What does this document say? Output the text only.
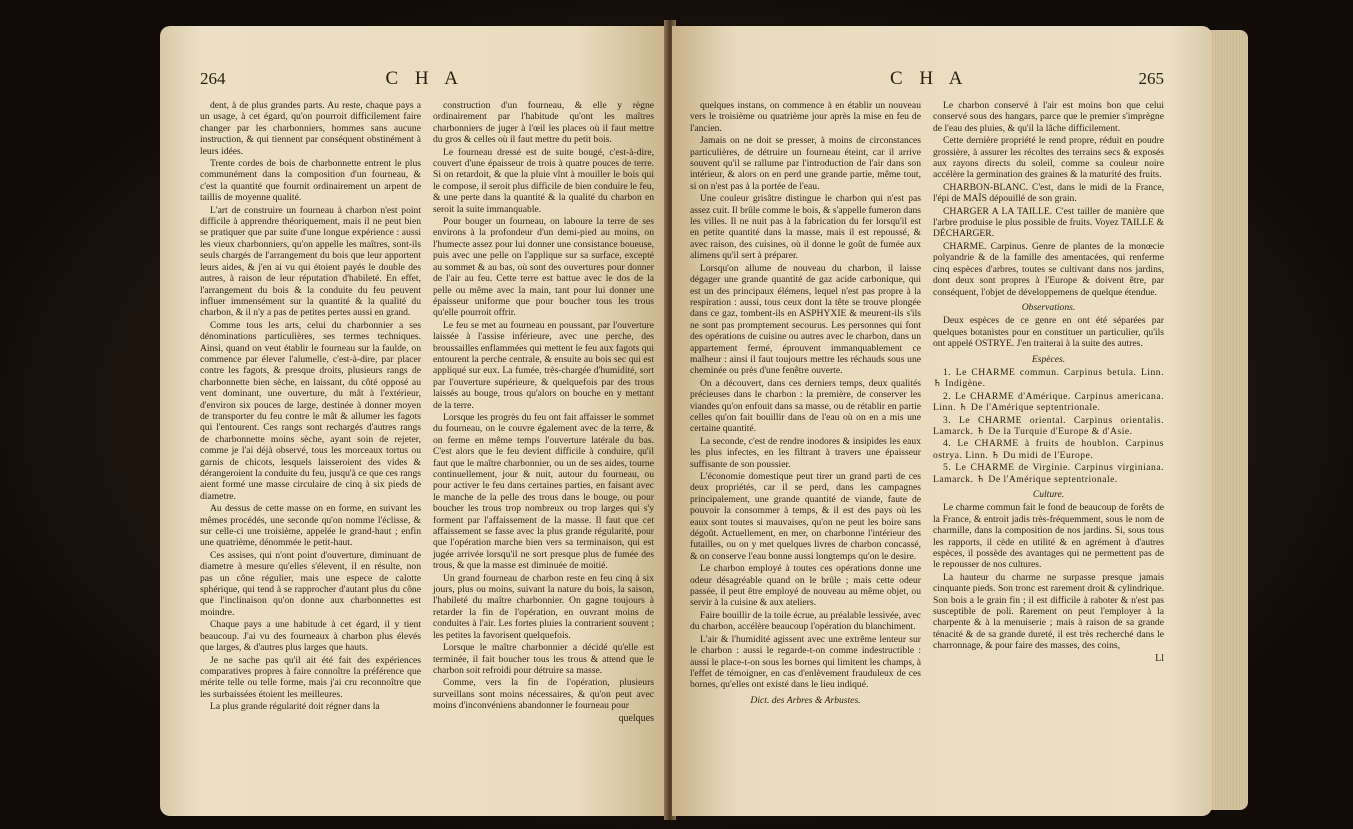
264	C H A

dent, à de plus grandes parts. Au reste, chaque pays a un usage, à cet égard, qu'on pourroit difficilement faire changer par les charbonniers, hommes sans aucune instruction, & qui tiennent par conséquent obstinément à leurs idées.

Trente cordes de bois de charbonnette entrent le plus communément dans la composition d'un fourneau, & c'est la quantité que fournit ordinairement un arpent de taillis de moyenne qualité.

L'art de construire un fourneau à charbon n'est point difficile à apprendre théoriquement, mais il ne peut bien se pratiquer que par suite d'une longue expérience : aussi les vieux charbonniers, qu'on appelle les maîtres, sont-ils seuls chargés de l'arrangement du bois que leur apportent leurs aides, & j'en ai vu qui étoient payés le double des autres, à raison de leur réputation d'habileté. En effet, l'arrangement du bois & la conduite du feu peuvent influer immensément sur la quantité & la qualité du charbon, & il n'y a pas de petites pertes aussi en grand.

Comme tous les arts, celui du charbonnier a ses dénominations particulières, ses termes techniques. Ainsi, quand on veut établir le fourneau sur la faulde, on commence par élever l'alumelle, c'est-à-dire, par placer contre les fagots, & presque droits, plusieurs rangs de charbonnette bien sèche, en laissant, du côté opposé au vent dominant, une ouverture, du mât à l'extérieur, d'environ six pouces de large, destinée à donner moyen de transporter du feu contre le mât & allumer les fagots qui l'entourent. Ces rangs sont rechargés d'autres rangs de charbonnette moins sèche, ayant soin de rejeter, comme je l'ai déjà observé, tous les morceaux tortus ou garnis de chicots, lesquels laisseroient des vides & dérangeroient la conduite du feu, jusqu'à ce que ces rangs aient formé une masse circulaire de cinq à six pieds de diametre.

Au dessus de cette masse on en forme, en suivant les mêmes procédés, une seconde qu'on nomme l'éclisse, & sur celle-ci une troisième, appelée le grand-haut ; enfin une quatrième, dénommée le petit-haut.

Ces assises, qui n'ont point d'ouverture, diminuant de diametre à mesure qu'elles s'élevent, il en résulte, non pas un cône régulier, mais une espece de calotte sphérique, qui tend à se rapprocher d'autant plus du cône que l'inclinaison qu'on donne aux charbonnettes est moindre.

Chaque pays a une habitude à cet égard, il y tient beaucoup. J'ai vu des fourneaux à charbon plus élevés que larges, & d'autres plus larges que hauts.

Je ne sache pas qu'il ait été fait des expériences comparatives propres à faire connoître la préférence que mérite telle ou telle forme, mais j'ai cru reconnoître que les surbaissées étoient les meilleures.

La plus grande régularité doit régner dans la

construction d'un fourneau, & elle y règne ordinairement par l'habitude qu'ont les maîtres charbonniers de juger à l'œil les places où il faut mettre du gros & celles où il faut mettre du petit bois.

Le fourneau dressé est de suite bougé, c'est-à-dire, couvert d'une épaisseur de trois à quatre pouces de terre. Si on retardoit, & que la pluie vînt à mouiller le bois qui le compose, il seroit plus difficile de bien conduire le feu, & une perte dans la quantité & la qualité du charbon en seroit la suite immanquable.

Pour bouger un fourneau, on laboure la terre de ses environs à la profondeur d'un demi-pied au moins, on l'humecte assez pour lui donner une consistance boueuse, puis avec une pelle on l'applique sur sa surface, excepté au sommet & au bas, où sont des ouvertures pour donner de l'air au feu. Cette terre est battue avec le dos de la pelle ou même avec la main, tant pour lui donner une épaisseur uniforme que pour boucher tous les trous qu'elle pourroit offrir.

Le feu se met au fourneau en poussant, par l'ouverture laissée à l'assise inférieure, avec une perche, des broussailles enflammées qui mettent le feu aux fagots qui entourent la perche centrale, & ensuite au bois sec qui est appliqué sur eux. La fumée, très-chargée d'humidité, sort par l'ouverture supérieure, & quelquefois par des trous laissés au bouge, trous qu'alors on bouche en y mettant de la terre.

Lorsque les progrès du feu ont fait affaisser le sommet du fourneau, on le couvre également avec de la terre, & on ferme en même temps l'ouverture latérale du bas. C'est alors que le feu devient difficile à conduire, qu'il faut que le maître charbonnier, ou un de ses aides, tourne continuellement, jour & nuit, autour du fourneau, ou pour activer le feu dans certaines parties, en faisant avec le manche de la pelle des trous dans le bouge, ou pour boucher les trous trop nombreux ou trop larges qui s'y forment par l'affaissement de la masse. Il faut que cet affaissement se fasse avec la plus grande régularité, pour que l'opération marche bien vers sa terminaison, qui est jugée arrivée lorsqu'il ne sort presque plus de fumée des trous, & que la masse est diminuée de moitié.

Un grand fourneau de charbon reste en feu cinq à six jours, plus ou moins, suivant la nature du bois, la saison, l'habileté du maître charbonnier. On gagne toujours à retarder la fin de l'opération, en ouvrant moins de conduites à l'air. Les fortes pluies la contrarient souvent ; les petites la favorisent quelquefois.

Lorsque le maître charbonnier a décidé qu'elle est terminée, il fait boucher tous les trous & attend que le charbon soit refroidi pour détruire sa masse.

Comme, vers la fin de l'opération, plusieurs surveillans sont moins nécessaires, & qu'on peut avec moins d'inconvéniens abandonner le fourneau pour

quelques
C H A	265

quelques instans, on commence à en établir un nouveau vers le troisième ou quatrième jour après la mise en feu de l'ancien.

Jamais on ne doit se presser, à moins de circonstances particulières, de détruire un fourneau éteint, car il arrive souvent qu'il se rallume par l'introduction de l'air dans son intérieur, & alors on en perd une grande partie, même tout, si on n'est pas à la portée de l'eau.

Une couleur grisâtre distingue le charbon qui n'est pas assez cuit. Il brûle comme le bois, & s'appelle fumeron dans les villes. Il ne nuit pas à la fabrication du fer lorsqu'il est en petite quantité dans la masse, mais il est repoussé, & avec raison, des cuisines, où il donne le goût de fumée aux alimens qu'il sert à préparer.

Lorsqu'on allume de nouveau du charbon, il laisse dégager une grande quantité de gaz acide carbonique, qui est un des principaux élémens, lequel n'est pas propre à la respiration : aussi, tous ceux dont la tête se trouve plongée dans ce gaz, tombent-ils en ASPHYXIE & meurent-ils s'ils ne sont pas promptement secourus. Les personnes qui font des opérations de cuisine ou autres avec le charbon, dans un appartement fermé, éprouvent immanquablement ce malheur : ainsi il faut toujours mettre les réchauds sous une cheminée ou près d'une fenêtre ouverte.

On a découvert, dans ces derniers temps, deux qualités précieuses dans le charbon : la première, de conserver les viandes qu'on enfouit dans sa masse, ou de rétablir en partie celles qu'on fait bouillir dans de l'eau où on en a mis une certaine quantité.

La seconde, c'est de rendre inodores & insipides les eaux les plus infectes, en les filtrant à travers une épaisseur suffisante de son poussier.

L'économie domestique peut tirer un grand parti de ces deux propriétés, car il se perd, dans les campagnes principalement, une grande quantité de viande, faute de pouvoir la consommer à temps, & il est des pays où les eaux sont toutes si mauvaises, qu'on ne peut les boire sans dégoût. Actuellement, en mer, on charbonne l'intérieur des futailles, ou on y met quelques livres de charbon concassé, & on conserve l'eau bonne aussi longtemps qu'on le desire.

Le charbon employé à toutes ces opérations donne une odeur désagréable quand on le brûle ; mais cette odeur passée, il peut être employé de nouveau au même objet, ou servir à la cuisine & aux ateliers.

Faire bouillir de la toile écrue, au préalable lessivée, avec du charbon, accélère beaucoup l'opération du blanchiment.

L'air & l'humidité agissent avec une extrême lenteur sur le charbon : aussi le regarde-t-on comme indestructible : aussi le place-t-on sous les bornes qui limitent les champs, à l'effet de témoigner, en cas d'enlèvement frauduleux de ces bornes, qu'elles ont existé dans le lieu indiqué.

Dict. des Arbres & Arbustes.

Le charbon conservé à l'air est moins bon que celui conservé sous des hangars, parce que le premier s'imprègne de l'eau des pluies, & qu'il la lâche difficilement.

Cette dernière propriété le rend propre, réduit en poudre grossière, à assurer les récoltes des terrains secs & exposés aux rayons directs du soleil, comme sa couleur noire accélère la germination des graines & la maturité des fruits.

CHARBON-BLANC. C'est, dans le midi de la France, l'épi de MAÏS dépouillé de son grain.

CHARGER A LA TAILLE. C'est tailler de manière que l'arbre produise le plus possible de fruits. Voyez TAILLE & DÉCHARGER.

CHARME. Carpinus. Genre de plantes de la monœcie polyandrie & de la famille des amentacées, qui renferme cinq espèces d'arbres, toutes se cultivant dans nos jardins, dont deux sont propres à l'Europe & doivent être, par conséquent, l'objet de développemens de quelque étendue.

Observations.

Deux espèces de ce genre en ont été séparées par quelques botanistes pour en constituer un particulier, qu'ils ont appelé OSTRYE. J'en traiterai à la suite des autres.

Espèces.

1. Le CHARME commun. Carpinus betula. Linn. ♄ Indigène.

2. Le CHARME d'Amérique. Carpinus americana. Linn. ♄ De l'Amérique septentrionale.

3. Le CHARME oriental. Carpinus orientalis. Lamarck. ♄ De la Turquie d'Europe & d'Asie.

4. Le CHARME à fruits de houblon. Carpinus ostrya. Linn. ♄ Du midi de l'Europe.

5. Le CHARME de Virginie. Carpinus virginiana. Lamarck. ♄ De l'Amérique septentrionale.

Culture.

Le charme commun fait le fond de beaucoup de forêts de la France, & entroit jadis très-fréquemment, sous le nom de charmille, dans la composition de nos jardins. Si, sous tous les rapports, il cède en utilité & en agrément à d'autres espèces, il possède des avantages qui ne permettent pas de le repousser de nos cultures.

La hauteur du charme ne surpasse presque jamais cinquante pieds. Son tronc est rarement droit & cylindrique. Son bois a le grain fin ; il est difficile à raboter & n'est pas susceptible de poli. Rarement on peut l'employer à la charpente & à la menuiserie ; mais à raison de sa grande ténacité & de sa grande dureté, il est très recherché dans le charronnage, & pour faire des masses, des coins,

Ll
